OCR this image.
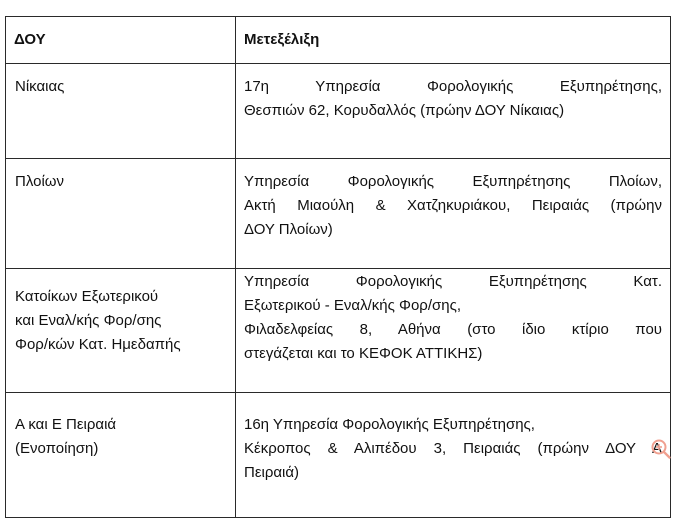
ΔΟΥ	Μετεξέλιξη
Νίκαιας	17η Υπηρεσία Φορολογικής Εξυπηρέτησης,
Θεσπιών 62, Κορυδαλλός (πρώην ΔΟΥ Νίκαιας)

Πλοίων	Υπηρεσία Φορολογικής Εξυπηρέτησης Πλοίων,
Ακτή Μιαούλη & Χατζηκυριάκου, Πειραιάς (πρώην
ΔΟΥ Πλοίων)

Κατοίκων Εξωτερικού
και Εναλ/κής Φορ/σης
Φορ/κών Κατ. Ημεδαπής	Υπηρεσία Φορολογικής Εξυπηρέτησης Κατ.
Εξωτερικού - Εναλ/κής Φορ/σης,
Φιλαδελφείας 8, Αθήνα (στο ίδιο κτίριο που
στεγάζεται και το ΚΕΦΟΚ ΑΤΤΙΚΗΣ)

Α και Ε Πειραιά
(Ενοποίηση)	16η Υπηρεσία Φορολογικής Εξυπηρέτησης,
Κέκροπος & Αλιπέδου 3, Πειραιάς (πρώην ΔΟΥ Α
Πειραιά)
